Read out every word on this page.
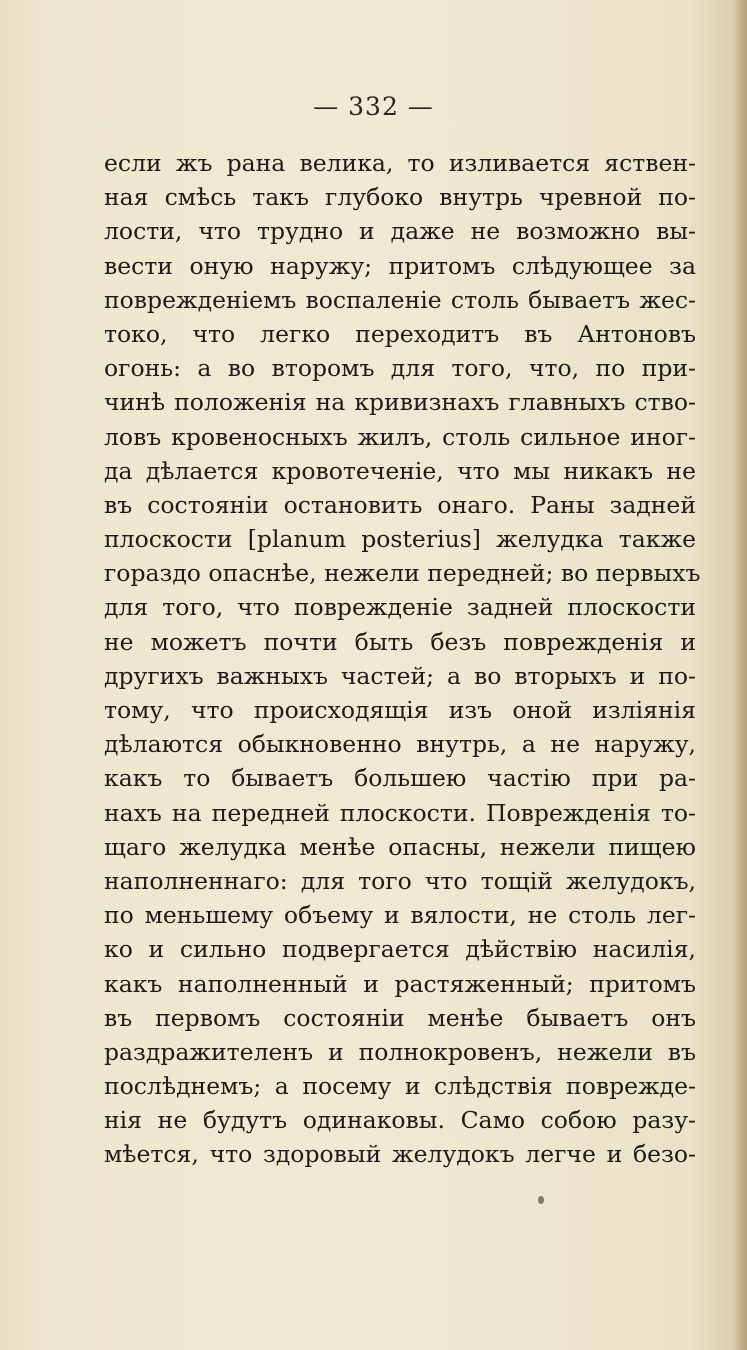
— 332 —
если жъ рана велика, то изливается яствен-
ная смѣсь такъ глубоко внутрь чревной по-
лости, что трудно и даже не возможно вы-
вести оную наружу; притомъ слѣдующее за
поврежденіемъ воспаленіе столь бываетъ жес-
токо, что легко переходитъ въ Антоновъ
огонь: а во второмъ для того, что, по при-
чинѣ положенія на кривизнахъ главныхъ ство-
ловъ кровеносныхъ жилъ, столь сильное иног-
да дѣлается кровотеченіе, что мы никакъ не
въ состояніи остановить онаго. Раны задней
плоскости [planum posterius] желудка также
гораздо опаснѣе, нежели передней; во первыхъ
для того, что поврежденіе задней плоскости
не можетъ почти быть безъ поврежденія и
другихъ важныхъ частей; а во вторыхъ и по-
тому, что происходящія изъ оной изліянія
дѣлаются обыкновенно внутрь, а не наружу,
какъ то бываетъ большею частію при ра-
нахъ на передней плоскости. Поврежденія то-
щаго желудка менѣе опасны, нежели пищею
наполненнаго: для того что тощій желудокъ,
по меньшему объему и вялости, не столь лег-
ко и сильно подвергается дѣйствію насилія,
какъ наполненный и растяженный; притомъ
въ первомъ состояніи менѣе бываетъ онъ
раздражителенъ и полнокровенъ, нежели въ
послѣднемъ; а посему и слѣдствія поврежде-
нія не будутъ одинаковы. Само собою разу-
мѣется, что здоровый желудокъ легче и безо-
